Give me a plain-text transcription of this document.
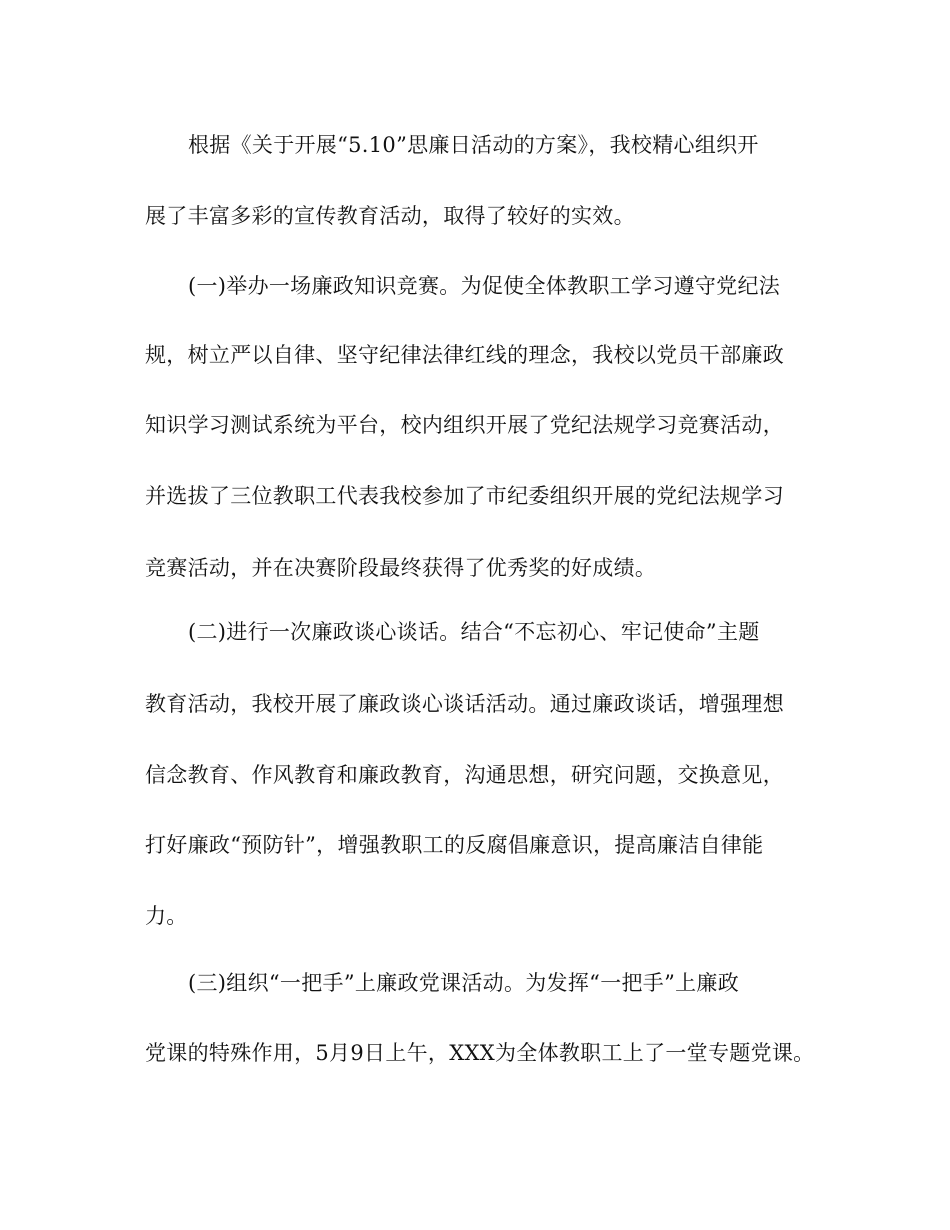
根据《关于开展“5.10”思廉日活动的方案》，我校精心组织开
展了丰富多彩的宣传教育活动，取得了较好的实效。
(一)举办一场廉政知识竞赛。为促使全体教职工学习遵守党纪法
规，树立严以自律、坚守纪律法律红线的理念，我校以党员干部廉政
知识学习测试系统为平台，校内组织开展了党纪法规学习竞赛活动，
并选拔了三位教职工代表我校参加了市纪委组织开展的党纪法规学习
竞赛活动，并在决赛阶段最终获得了优秀奖的好成绩。
(二)进行一次廉政谈心谈话。结合“不忘初心、牢记使命”主题
教育活动，我校开展了廉政谈心谈话活动。通过廉政谈话，增强理想
信念教育、作风教育和廉政教育，沟通思想，研究问题，交换意见，
打好廉政“预防针”，增强教职工的反腐倡廉意识，提高廉洁自律能
力。
(三)组织“一把手”上廉政党课活动。为发挥“一把手”上廉政
党课的特殊作用，5月9日上午，XXX为全体教职工上了一堂专题党课。
